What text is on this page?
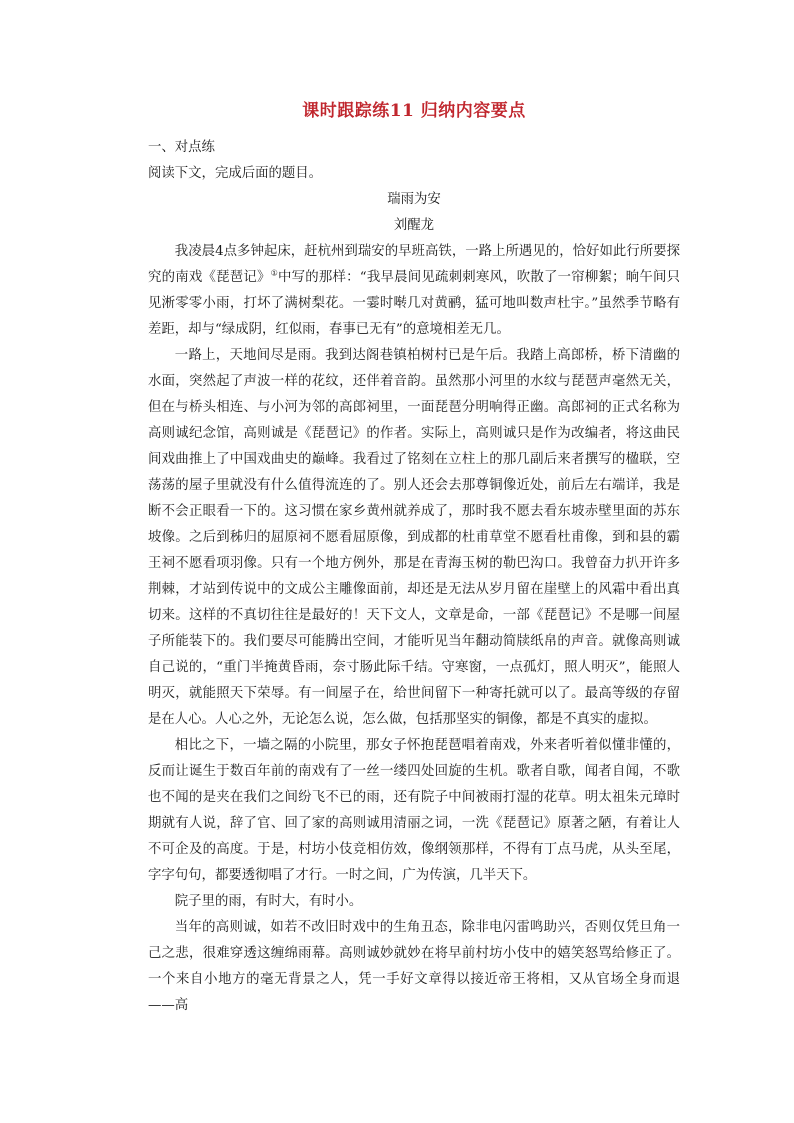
课时跟踪练11 归纳内容要点

一、对点练

阅读下文，完成后面的题目。

瑞雨为安

刘醒龙

我凌晨4点多钟起床，赶杭州到瑞安的早班高铁，一路上所遇见的，恰好如此行所要探究的南戏《琵琶记》①中写的那样：“我早晨间见疏刺刺寒风，吹散了一帘柳絮；晌午间只见淅零零小雨，打坏了满树梨花。一霎时啭几对黄鹂，猛可地叫数声杜宇。”虽然季节略有差距，却与“绿成阴，红似雨，春事已无有”的意境相差无几。

一路上，天地间尽是雨。我到达阁巷镇柏树村已是午后。我踏上高郎桥，桥下清幽的水面，突然起了声波一样的花纹，还伴着音韵。虽然那小河里的水纹与琵琶声毫然无关，但在与桥头相连、与小河为邻的高郎祠里，一面琵琶分明响得正幽。高郎祠的正式名称为高则诚纪念馆，高则诚是《琵琶记》的作者。实际上，高则诚只是作为改编者，将这曲民间戏曲推上了中国戏曲史的巅峰。我看过了铭刻在立柱上的那几副后来者撰写的楹联，空荡荡的屋子里就没有什么值得流连的了。别人还会去那尊铜像近处，前后左右端详，我是断不会正眼看一下的。这习惯在家乡黄州就养成了，那时我不愿去看东坡赤壁里面的苏东坡像。之后到秭归的屈原祠不愿看屈原像，到成都的杜甫草堂不愿看杜甫像，到和县的霸王祠不愿看项羽像。只有一个地方例外，那是在青海玉树的勒巴沟口。我曾奋力扒开许多荆棘，才站到传说中的文成公主雕像面前，却还是无法从岁月留在崖壁上的风霜中看出真切来。这样的不真切往往是最好的！天下文人，文章是命，一部《琵琶记》不是哪一间屋子所能装下的。我们要尽可能腾出空间，才能听见当年翻动简牍纸帛的声音。就像高则诚自己说的，“重门半掩黄昏雨，奈寸肠此际千结。守寒窗，一点孤灯，照人明灭”，能照人明灭，就能照天下荣辱。有一间屋子在，给世间留下一种寄托就可以了。最高等级的存留是在人心。人心之外，无论怎么说，怎么做，包括那坚实的铜像，都是不真实的虚拟。

相比之下，一墙之隔的小院里，那女子怀抱琵琶唱着南戏，外来者听着似懂非懂的，反而让诞生于数百年前的南戏有了一丝一缕四处回旋的生机。歌者自歌，闻者自闻，不歌也不闻的是夹在我们之间纷飞不已的雨，还有院子中间被雨打湿的花草。明太祖朱元璋时期就有人说，辞了官、回了家的高则诚用清丽之词，一洗《琵琶记》原著之陋，有着让人不可企及的高度。于是，村坊小伎竞相仿效，像纲领那样，不得有丁点马虎，从头至尾，字字句句，都要透彻唱了才行。一时之间，广为传演，几半天下。

院子里的雨，有时大，有时小。

当年的高则诚，如若不改旧时戏中的生角丑态，除非电闪雷鸣助兴，否则仅凭旦角一己之悲，很难穿透这缠绵雨幕。高则诚妙就妙在将早前村坊小伎中的嬉笑怒骂给修正了。一个来自小地方的毫无背景之人，凭一手好文章得以接近帝王将相，又从官场全身而退——高
